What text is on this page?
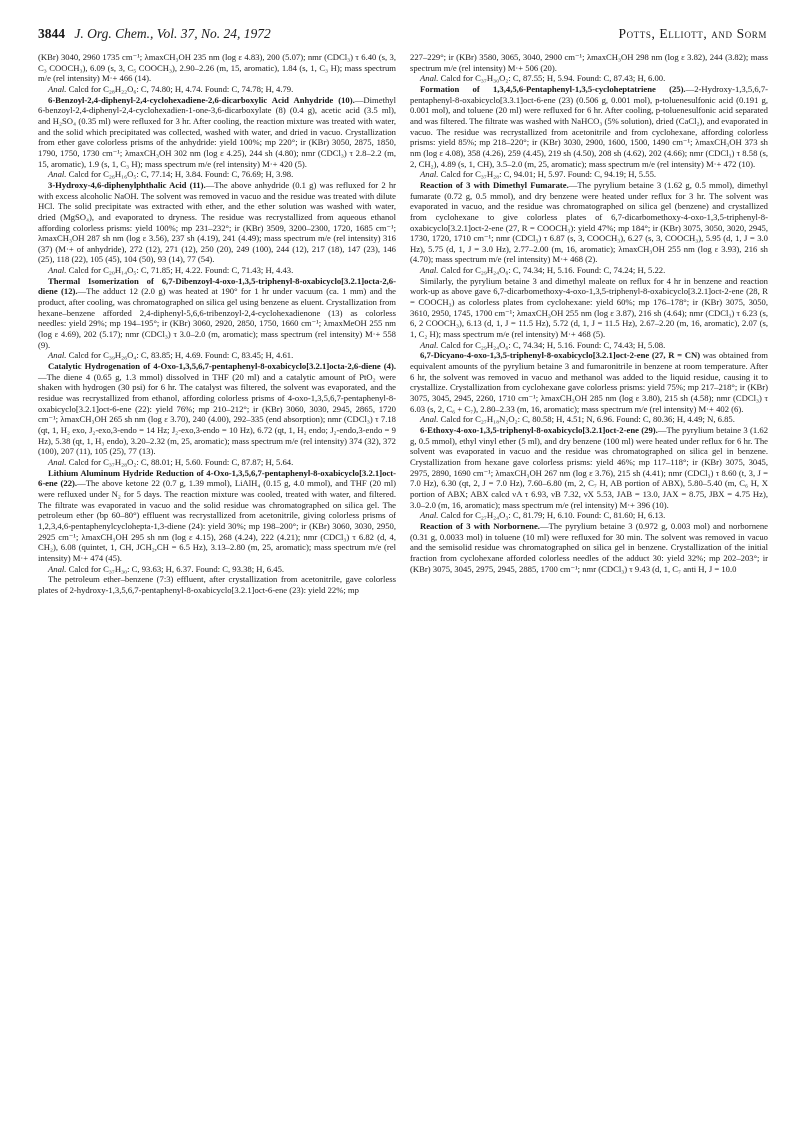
3844 J. Org. Chem., Vol. 37, No. 24, 1972	Potts, Elliott, and Sorm

(KBr) 3040, 2960 1735 cm⁻¹; λmaxCH₃OH 235 nm (log ε 4.83), 200 (5.07); nmr (CDCl₃) τ 6.40 (s, 3, C₃ COOCH₃), 6.09 (s, 3, C₅ COOCH₃), 2.90–2.26 (m, 15, aromatic), 1.84 (s, 1, C₃ H); mass spectrum m/e (rel intensity) M·+ 466 (14).

Anal. Calcd for C₂₈H₂₂O₆: C, 74.80; H, 4.74. Found: C, 74.78; H, 4.79.

6-Benzoyl-2,4-diphenyl-2,4-cyclohexadiene-2,6-dicarboxylic Acid Anhydride (10).—Dimethyl 6-benzoyl-2,4-diphenyl-2,4-cyclohexadien-1-one-3,6-dicarboxylate (8) (0.4 g), acetic acid (3.5 ml), and H₂SO₄ (0.35 ml) were refluxed for 3 hr. After cooling, the reaction mixture was treated with water, and the solid which precipitated was collected, washed with water, and dried in vacuo. Crystallization from ether gave colorless prisms of the anhydride: yield 100%; mp 220°; ir (KBr) 3050, 2875, 1850, 1790, 1750, 1730 cm⁻¹; λmaxCH₃OH 302 nm (log ε 4.25), 244 sh (4.80); nmr (CDCl₃) τ 2.8–2.2 (m, 15, aromatic), 1.9 (s, 1, C₃ H); mass spectrum m/e (rel intensity) M·+ 420 (5).

Anal. Calcd for C₂₆H₁₆O₅: C, 77.14; H, 3.84. Found: C, 76.69; H, 3.98.

3-Hydroxy-4,6-diphenylphthalic Acid (11).—The above anhydride (0.1 g) was refluxed for 2 hr with excess alcoholic NaOH. The solvent was removed in vacuo and the residue was treated with dilute HCl. The solid precipitate was extracted with ether, and the ether solution was washed with water, dried (MgSO₄), and evaporated to dryness. The residue was recrystallized from aqueous ethanol affording colorless prisms: yield 100%; mp 231–232°; ir (KBr) 3509, 3200–2300, 1720, 1685 cm⁻¹; λmaxCH₃OH 287 sh nm (log ε 3.56), 237 sh (4.19), 241 (4.49); mass spectrum m/e (rel intensity) 316 (37) (M·+ of anhydride), 272 (12), 271 (12), 250 (20), 249 (100), 244 (12), 217 (18), 147 (23), 146 (25), 118 (22), 105 (45), 104 (50), 93 (14), 77 (54).

Anal. Calcd for C₂₀H₁₄O₅: C, 71.85; H, 4.22. Found: C, 71.43; H, 4.43.

Thermal Isomerization of 6,7-Dibenzoyl-4-oxo-1,3,5-triphenyl-8-oxabicyclo[3.2.1]octa-2,6-diene (12).—The adduct 12 (2.0 g) was heated at 190° for 1 hr under vacuum (ca. 1 mm) and the product, after cooling, was chromatographed on silica gel using benzene as eluent. Crystallization from hexane–benzene afforded 2,4-diphenyl-5,6,6-tribenzoyl-2,4-cyclohexadienone (13) as colorless needles: yield 29%; mp 194–195°; ir (KBr) 3060, 2920, 2850, 1750, 1660 cm⁻¹; λmaxMeOH 255 nm (log ε 4.69), 202 (5.17); nmr (CDCl₃) τ 3.0–2.0 (m, aromatic); mass spectrum (rel intensity) M·+ 558 (9).

Anal. Calcd for C₃₉H₂₆O₄: C, 83.85; H, 4.69. Found: C, 83.45; H, 4.61.

Catalytic Hydrogenation of 4-Oxo-1,3,5,6,7-pentaphenyl-8-oxabicyclo[3.2.1]octa-2,6-diene (4).—The diene 4 (0.65 g, 1.3 mmol) dissolved in THF (20 ml) and a catalytic amount of PtO₂ were shaken with hydrogen (30 psi) for 6 hr. The catalyst was filtered, the solvent was evaporated, and the residue was recrystallized from ethanol, affording colorless prisms of 4-oxo-1,3,5,6,7-pentaphenyl-8-oxabicyclo[3.2.1]oct-6-ene (22): yield 76%; mp 210–212°; ir (KBr) 3060, 3030, 2945, 2865, 1720 cm⁻¹; λmaxCH₃OH 265 sh nm (log ε 3.70), 240 (4.00), 292–335 (end absorption); nmr (CDCl₃) τ 7.18 (qt, 1, H₂ exo, J₂-exo,3-endo = 14 Hz; J₂-exo,3-endo = 10 Hz), 6.72 (qt, 1, H₂ endo; J₂-endo,3-endo = 9 Hz), 5.38 (qt, 1, H₃ endo), 3.20–2.32 (m, 25, aromatic); mass spectrum m/e (rel intensity) 374 (32), 372 (100), 207 (11), 105 (25), 77 (13).

Anal. Calcd for C₃₇H₂₈O₂: C, 88.01; H, 5.60. Found: C, 87.87; H, 5.64.

Lithium Aluminum Hydride Reduction of 4-Oxo-1,3,5,6,7-pentaphenyl-8-oxabicyclo[3.2.1]oct-6-ene (22).—The above ketone 22 (0.7 g, 1.39 mmol), LiAlH₄ (0.15 g, 4.0 mmol), and THF (20 ml) were refluxed under N₂ for 5 days. The reaction mixture was cooled, treated with water, and filtered. The filtrate was evaporated in vacuo and the solid residue was chromatographed on silica gel. The petroleum ether (bp 60–80°) effluent was recrystallized from acetonitrile, giving colorless prisms of 1,2,3,4,6-pentaphenylcyclohepta-1,3-diene (24): yield 30%; mp 198–200°; ir (KBr) 3060, 3030, 2950, 2925 cm⁻¹; λmaxCH₃OH 295 sh nm (log ε 4.15), 268 (4.24), 222 (4.21); nmr (CDCl₃) τ 6.82 (d, 4, CH₂), 6.08 (quintet, 1, CH, JCH₂,CH = 6.5 Hz), 3.13–2.80 (m, 25, aromatic); mass spectrum m/e (rel intensity) M·+ 474 (45).

Anal. Calcd for C₃₇H₃₀: C, 93.63; H, 6.37. Found: C, 93.38; H, 6.45.

The petroleum ether–benzene (7:3) effluent, after crystallization from acetonitrile, gave colorless plates of 2-hydroxy-1,3,5,6,7-pentaphenyl-8-oxabicyclo[3.2.1]oct-6-ene (23): yield 22%; mp

227–229°; ir (KBr) 3580, 3065, 3040, 2900 cm⁻¹; λmaxCH₃OH 298 nm (log ε 3.82), 244 (3.82); mass spectrum m/e (rel intensity) M·+ 506 (20).

Anal. Calcd for C₃₇H₃₀O₂: C, 87.55; H, 5.94. Found: C, 87.43; H, 6.00.

Formation of 1,3,4,5,6-Pentaphenyl-1,3,5-cycloheptatriene (25).—2-Hydroxy-1,3,5,6,7-pentaphenyl-8-oxabicyclo[3.3.1]oct-6-ene (23) (0.506 g, 0.001 mol), p-toluenesulfonic acid (0.191 g, 0.001 mol), and toluene (20 ml) were refluxed for 6 hr. After cooling, p-toluenesulfonic acid separated and was filtered. The filtrate was washed with NaHCO₃ (5% solution), dried (CaCl₂), and evaporated in vacuo. The residue was recrystallized from acetonitrile and from cyclohexane, affording colorless prisms: yield 85%; mp 218–220°; ir (KBr) 3030, 2900, 1600, 1500, 1490 cm⁻¹; λmaxCH₃OH 373 sh nm (log ε 4.08), 358 (4.26), 259 (4.45), 219 sh (4.50), 208 sh (4.62), 202 (4.66); nmr (CDCl₃) τ 8.58 (s, 2, CH₂), 4.89 (s, 1, CH), 3.5–2.0 (m, 25, aromatic); mass spectrum m/e (rel intensity) M·+ 472 (10).

Anal. Calcd for C₃₇H₂₈: C, 94.01; H, 5.97. Found: C, 94.19; H, 5.55.

Reaction of 3 with Dimethyl Fumarate.—The pyrylium betaine 3 (1.62 g, 0.5 mmol), dimethyl fumarate (0.72 g, 0.5 mmol), and dry benzene were heated under reflux for 3 hr. The solvent was evaporated in vacuo, and the residue was chromatographed on silica gel (benzene) and crystallized from cyclohexane to give colorless plates of 6,7-dicarbomethoxy-4-oxo-1,3,5-triphenyl-8-oxabicyclo[3.2.1]oct-2-ene (27, R = COOCH₃): yield 47%; mp 184°; ir (KBr) 3075, 3050, 3020, 2945, 1730, 1720, 1710 cm⁻¹; nmr (CDCl₃) τ 6.87 (s, 3, COOCH₃), 6.27 (s, 3, COOCH₃), 5.95 (d, 1, J = 3.0 Hz), 5.75 (d, 1, J = 3.0 Hz), 2.77–2.00 (m, 16, aromatic); λmaxCH₃OH 255 nm (log ε 3.93), 216 sh (4.70); mass spectrum m/e (rel intensity) M·+ 468 (2).

Anal. Calcd for C₂₉H₂₄O₆: C, 74.34; H, 5.16. Found: C, 74.24; H, 5.22.

Similarly, the pyrylium betaine 3 and dimethyl maleate on reflux for 4 hr in benzene and reaction work-up as above gave 6,7-dicarbomethoxy-4-oxo-1,3,5-triphenyl-8-oxabicyclo[3.2.1]oct-2-ene (28, R = COOCH₃) as colorless plates from cyclohexane: yield 60%; mp 176–178°; ir (KBr) 3075, 3050, 3610, 2950, 1745, 1700 cm⁻¹; λmaxCH₃OH 255 nm (log ε 3.87), 216 sh (4.64); nmr (CDCl₃) τ 6.23 (s, 6, 2 COOCH₃), 6.13 (d, 1, J = 11.5 Hz), 5.72 (d, 1, J = 11.5 Hz), 2.67–2.20 (m, 16, aromatic), 2.07 (s, 1, C₂ H); mass spectrum m/e (rel intensity) M·+ 468 (5).

Anal. Calcd for C₂₉H₂₄O₆: C, 74.34; H, 5.16. Found: C, 74.43; H, 5.08.

6,7-Dicyano-4-oxo-1,3,5-triphenyl-8-oxabicyclo[3.2.1]oct-2-ene (27, R = CN) was obtained from equivalent amounts of the pyrylium betaine 3 and fumaronitrile in benzene at room temperature. After 6 hr, the solvent was removed in vacuo and methanol was added to the liquid residue, causing it to crystallize. Crystallization from cyclohexane gave colorless prisms: yield 75%; mp 217–218°; ir (KBr) 3075, 3045, 2945, 2260, 1710 cm⁻¹; λmaxCH₃OH 285 nm (log ε 3.80), 215 sh (4.58); nmr (CDCl₃) τ 6.03 (s, 2, C₆ + C₇), 2.80–2.33 (m, 16, aromatic); mass spectrum m/e (rel intensity) M·+ 402 (6).

Anal. Calcd for C₂₇H₁₈N₂O₂: C, 80.58; H, 4.51; N, 6.96. Found: C, 80.36; H, 4.49; N, 6.85.

6-Ethoxy-4-oxo-1,3,5-triphenyl-8-oxabicyclo[3.2.1]oct-2-ene (29).—The pyrylium betaine 3 (1.62 g, 0.5 mmol), ethyl vinyl ether (5 ml), and dry benzene (100 ml) were heated under reflux for 6 hr. The solvent was evaporated in vacuo and the residue was chromatographed on silica gel in benzene. Crystallization from hexane gave colorless prisms: yield 46%; mp 117–118°; ir (KBr) 3075, 3045, 2975, 2890, 1690 cm⁻¹; λmaxCH₃OH 267 nm (log ε 3.76), 215 sh (4.41); nmr (CDCl₃) τ 8.60 (t, 3, J = 7.0 Hz), 6.30 (qt, 2, J = 7.0 Hz), 7.60–6.80 (m, 2, C₇ H, AB portion of ABX), 5.80–5.40 (m, C₆ H, X portion of ABX; ABX calcd νA τ 6.93, νB 7.32, νX 5.53, JAB = 13.0, JAX = 8.75, JBX = 4.75 Hz), 3.0–2.0 (m, 16, aromatic); mass spectrum m/e (rel intensity) M·+ 396 (10).

Anal. Calcd for C₂₇H₂₄O₃: C, 81.79; H, 6.10. Found: C, 81.60; H, 6.13.

Reaction of 3 with Norbornene.—The pyrylium betaine 3 (0.972 g, 0.003 mol) and norbornene (0.31 g, 0.0033 mol) in toluene (10 ml) were refluxed for 30 min. The solvent was removed in vacuo and the semisolid residue was chromatographed on silica gel in benzene. Crystallization of the initial fraction from cyclohexane afforded colorless needles of the adduct 30: yield 32%; mp 202–203°; ir (KBr) 3075, 3045, 2975, 2945, 2885, 1700 cm⁻¹; nmr (CDCl₃) τ 9.43 (d, 1, C₇ anti H, J = 10.0
